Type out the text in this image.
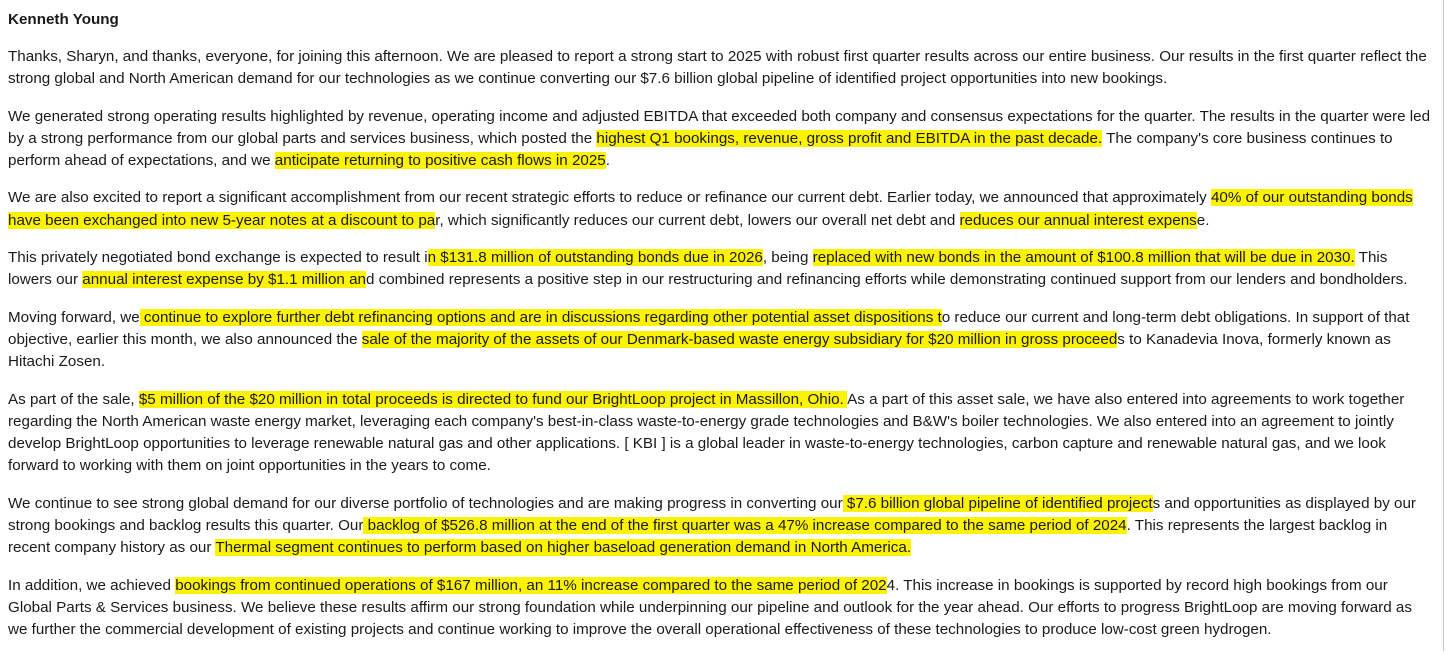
Kenneth Young

Thanks, Sharyn, and thanks, everyone, for joining this afternoon. We are pleased to report a strong start to 2025 with robust first quarter results across our entire business. Our results in the first quarter reflect the strong global and North American demand for our technologies as we continue converting our $7.6 billion global pipeline of identified project opportunities into new bookings.

We generated strong operating results highlighted by revenue, operating income and adjusted EBITDA that exceeded both company and consensus expectations for the quarter. The results in the quarter were led by a strong performance from our global parts and services business, which posted the highest Q1 bookings, revenue, gross profit and EBITDA in the past decade. The company's core business continues to perform ahead of expectations, and we anticipate returning to positive cash flows in 2025.

We are also excited to report a significant accomplishment from our recent strategic efforts to reduce or refinance our current debt. Earlier today, we announced that approximately 40% of our outstanding bonds have been exchanged into new 5-year notes at a discount to par, which significantly reduces our current debt, lowers our overall net debt and reduces our annual interest expense.

This privately negotiated bond exchange is expected to result in $131.8 million of outstanding bonds due in 2026, being replaced with new bonds in the amount of $100.8 million that will be due in 2030. This lowers our annual interest expense by $1.1 million and combined represents a positive step in our restructuring and refinancing efforts while demonstrating continued support from our lenders and bondholders.

Moving forward, we continue to explore further debt refinancing options and are in discussions regarding other potential asset dispositions to reduce our current and long-term debt obligations. In support of that objective, earlier this month, we also announced the sale of the majority of the assets of our Denmark-based waste energy subsidiary for $20 million in gross proceeds to Kanadevia Inova, formerly known as Hitachi Zosen.

As part of the sale, $5 million of the $20 million in total proceeds is directed to fund our BrightLoop project in Massillon, Ohio. As a part of this asset sale, we have also entered into agreements to work together regarding the North American waste energy market, leveraging each company's best-in-class waste-to-energy grade technologies and B&W's boiler technologies. We also entered into an agreement to jointly develop BrightLoop opportunities to leverage renewable natural gas and other applications. [ KBI ] is a global leader in waste-to-energy technologies, carbon capture and renewable natural gas, and we look forward to working with them on joint opportunities in the years to come.

We continue to see strong global demand for our diverse portfolio of technologies and are making progress in converting our $7.6 billion global pipeline of identified projects and opportunities as displayed by our strong bookings and backlog results this quarter. Our backlog of $526.8 million at the end of the first quarter was a 47% increase compared to the same period of 2024. This represents the largest backlog in recent company history as our Thermal segment continues to perform based on higher baseload generation demand in North America.

In addition, we achieved bookings from continued operations of $167 million, an 11% increase compared to the same period of 2024. This increase in bookings is supported by record high bookings from our Global Parts & Services business. We believe these results affirm our strong foundation while underpinning our pipeline and outlook for the year ahead. Our efforts to progress BrightLoop are moving forward as we further the commercial development of existing projects and continue working to improve the overall operational effectiveness of these technologies to produce low-cost green hydrogen.
